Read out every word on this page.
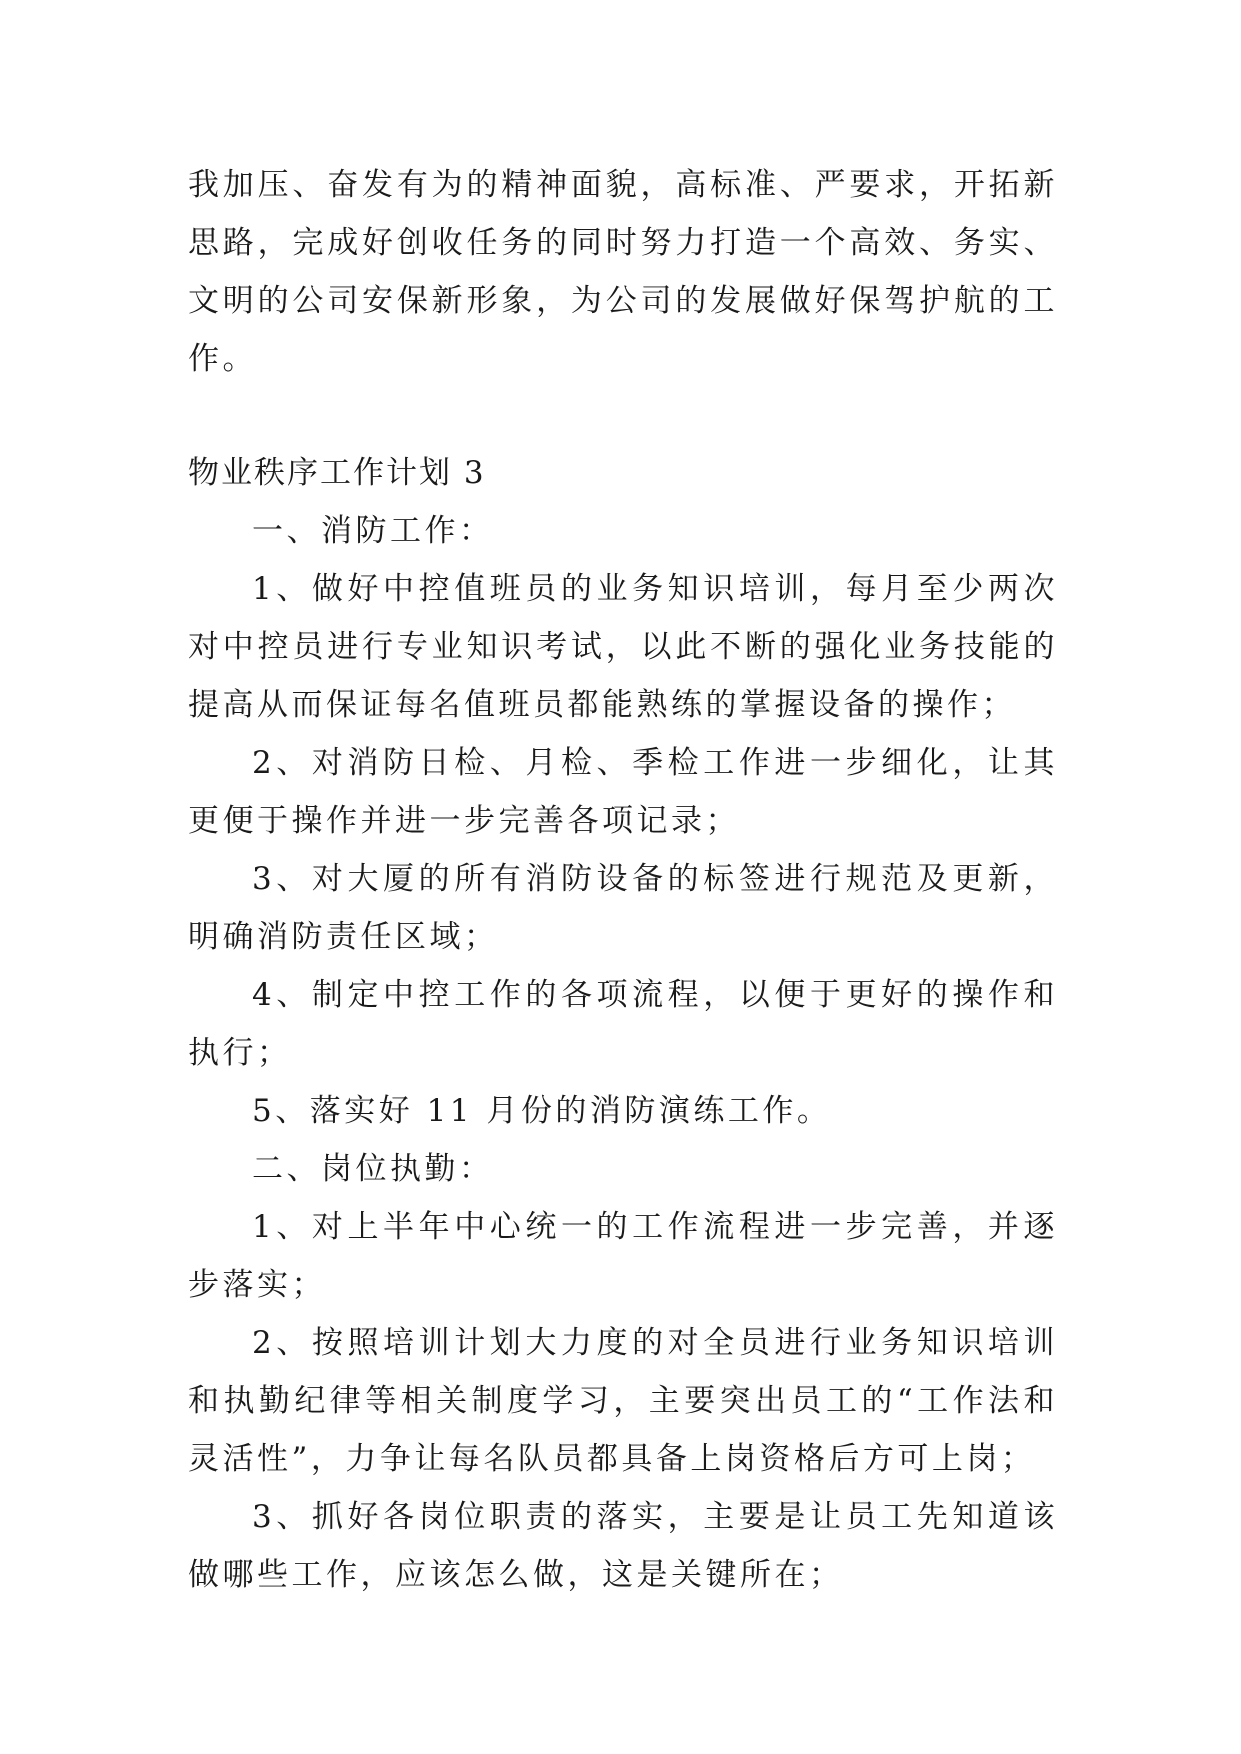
我加压、奋发有为的精神面貌，高标准、严要求，开拓新思路，完成好创收任务的同时努力打造一个高效、务实、文明的公司安保新形象，为公司的发展做好保驾护航的工作。

物业秩序工作计划 3

一、消防工作：

1、做好中控值班员的业务知识培训，每月至少两次对中控员进行专业知识考试，以此不断的强化业务技能的提高从而保证每名值班员都能熟练的掌握设备的操作；

2、对消防日检、月检、季检工作进一步细化，让其更便于操作并进一步完善各项记录；

3、对大厦的所有消防设备的标签进行规范及更新，明确消防责任区域；

4、制定中控工作的各项流程，以便于更好的操作和执行；

5、落实好 11 月份的消防演练工作。

二、岗位执勤：

1、对上半年中心统一的工作流程进一步完善，并逐步落实；

2、按照培训计划大力度的对全员进行业务知识培训和执勤纪律等相关制度学习，主要突出员工的“工作法和灵活性”，力争让每名队员都具备上岗资格后方可上岗；

3、抓好各岗位职责的落实，主要是让员工先知道该做哪些工作，应该怎么做，这是关键所在；
